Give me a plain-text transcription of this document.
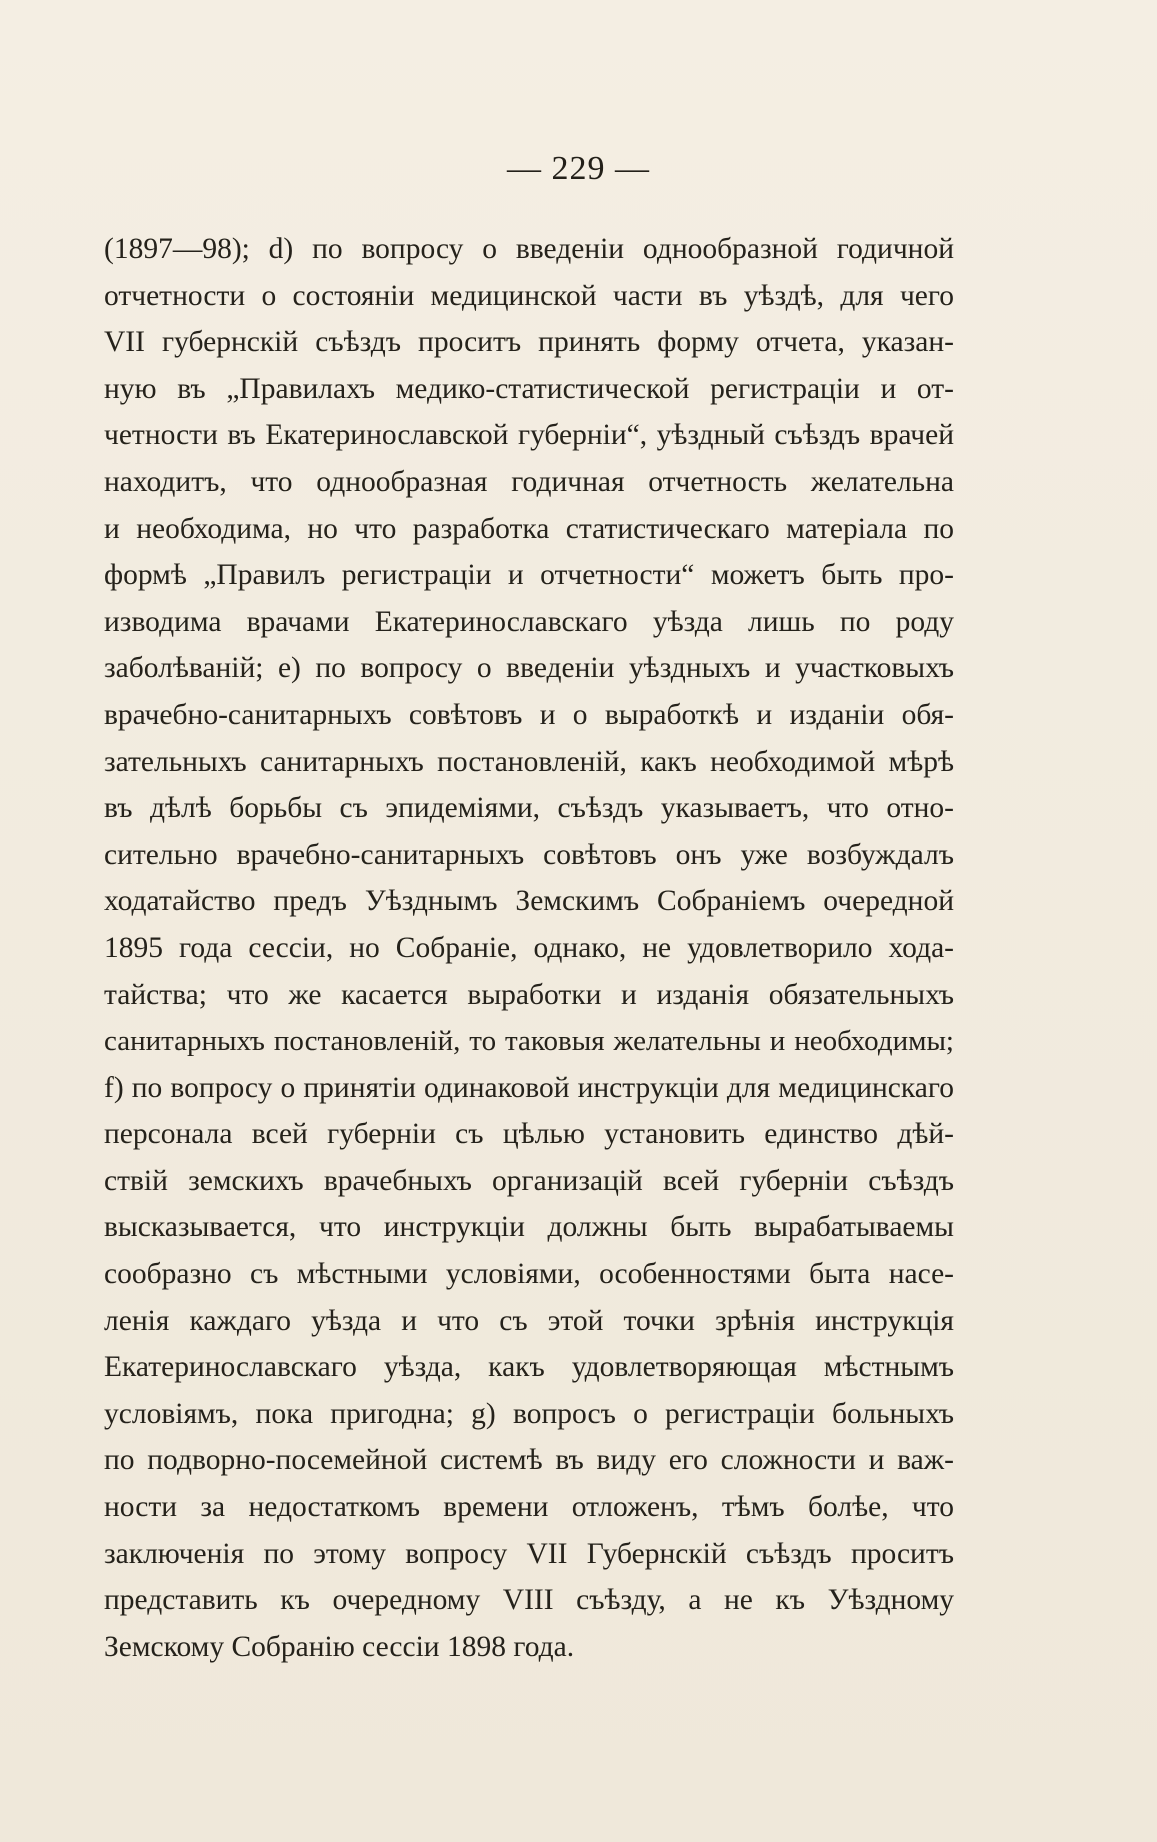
— 229 —
(1897—98); d) по вопросу о введеніи однообразной годичной
отчетности о состояніи медицинской части въ уѣздѣ, для чего
VII губернскій съѣздъ проситъ принять форму отчета, указан-
ную въ „Правилахъ медико-статистической регистраціи и от-
четности въ Екатеринославской губерніи“, уѣздный съѣздъ врачей
находитъ, что однообразная годичная отчетность желательна
и необходима, но что разработка статистическаго матеріала по
формѣ „Правилъ регистраціи и отчетности“ можетъ быть про-
изводима врачами Екатеринославскаго уѣзда лишь по роду
заболѣваній; e) по вопросу о введеніи уѣздныхъ и участковыхъ
врачебно-санитарныхъ совѣтовъ и о выработкѣ и изданіи обя-
зательныхъ санитарныхъ постановленій, какъ необходимой мѣрѣ
въ дѣлѣ борьбы съ эпидеміями, съѣздъ указываетъ, что отно-
сительно врачебно-санитарныхъ совѣтовъ онъ уже возбуждалъ
ходатайство предъ Уѣзднымъ Земскимъ Собраніемъ очередной
1895 года сессіи, но Собраніе, однако, не удовлетворило хода-
тайства; что же касается выработки и изданія обязательныхъ
санитарныхъ постановленій, то таковыя желательны и необходимы;
f) по вопросу о принятіи одинаковой инструкціи для медицинскаго
персонала всей губерніи съ цѣлью установить единство дѣй-
ствій земскихъ врачебныхъ организацій всей губерніи съѣздъ
высказывается, что инструкціи должны быть вырабатываемы
сообразно съ мѣстными условіями, особенностями быта насе-
ленія каждаго уѣзда и что съ этой точки зрѣнія инструкція
Екатеринославскаго уѣзда, какъ удовлетворяющая мѣстнымъ
условіямъ, пока пригодна; g) вопросъ о регистраціи больныхъ
по подворно-посемейной системѣ въ виду его сложности и важ-
ности за недостаткомъ времени отложенъ, тѣмъ болѣе, что
заключенія по этому вопросу VII Губернскій съѣздъ проситъ
представить къ очередному VIII съѣзду, а не къ Уѣздному
Земскому Собранію сессіи 1898 года.
